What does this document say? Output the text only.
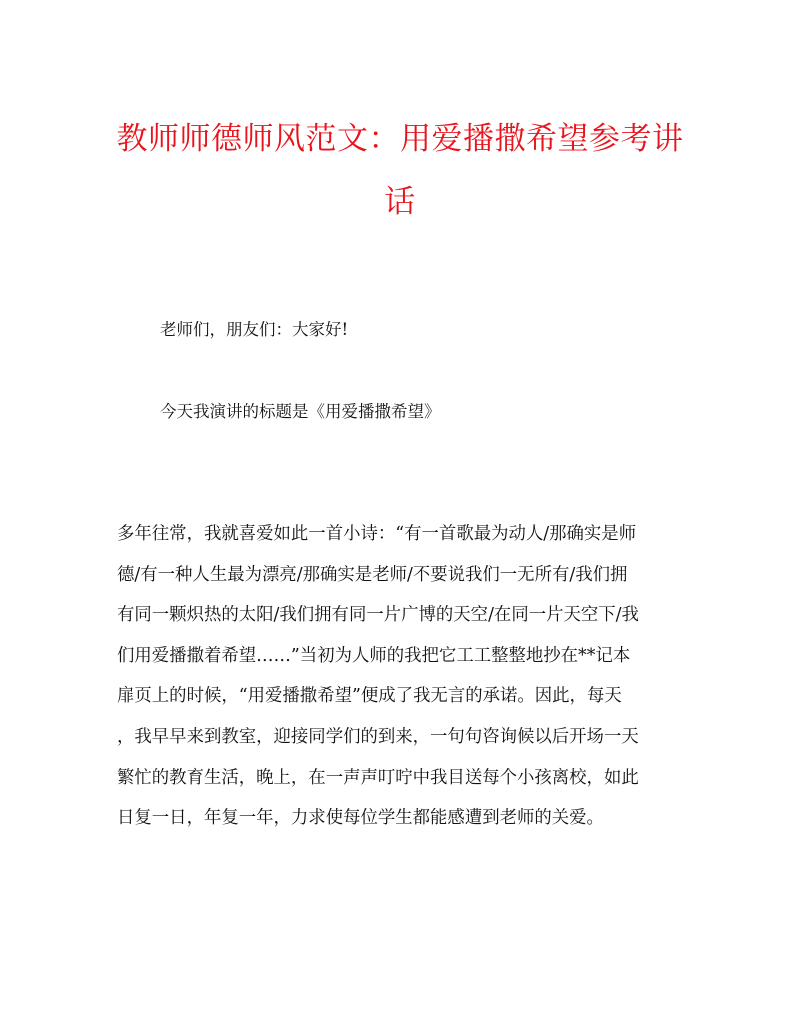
教师师德师风范文：用爱播撒希望参考讲话
老师们，朋友们：大家好!
今天我演讲的标题是《用爱播撒希望》
多年往常，我就喜爱如此一首小诗：“有一首歌最为动人/那确实是师
德/有一种人生最为漂亮/那确实是老师/不要说我们一无所有/我们拥
有同一颗炽热的太阳/我们拥有同一片广博的天空/在同一片天空下/我
们用爱播撒着希望……”当初为人师的我把它工工整整地抄在**记本
扉页上的时候，“用爱播撒希望”便成了我无言的承诺。因此，每天
，我早早来到教室，迎接同学们的到来，一句句咨询候以后开场一天
繁忙的教育生活，晚上，在一声声叮咛中我目送每个小孩离校，如此
日复一日，年复一年，力求使每位学生都能感遭到老师的关爱。
